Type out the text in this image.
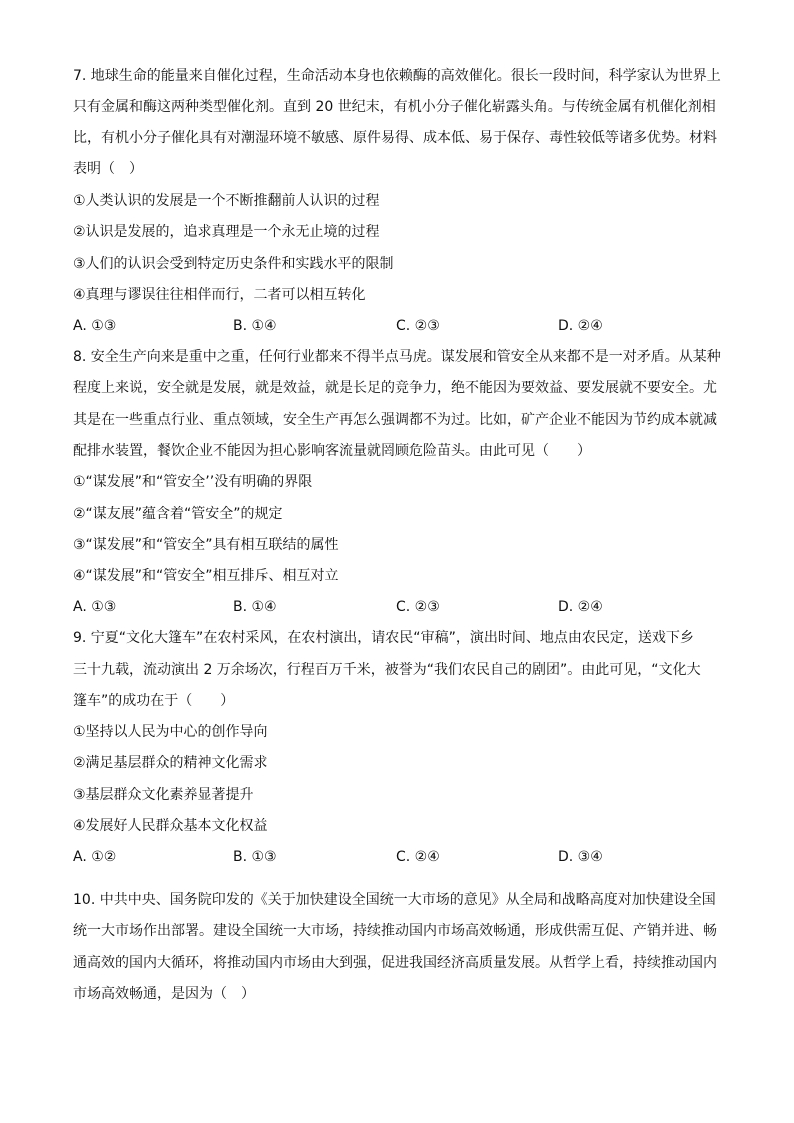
7. 地球生命的能量来自催化过程，生命活动本身也依赖酶的高效催化。很长一段时间，科学家认为世界上
只有金属和酶这两种类型催化剂。直到 20 世纪末，有机小分子催化崭露头角。与传统金属有机催化剂相
比，有机小分子催化具有对潮湿环境不敏感、原件易得、成本低、易于保存、毒性较低等诸多优势。材料
表明（　）
①人类认识的发展是一个不断推翻前人认识的过程
②认识是发展的，追求真理是一个永无止境的过程
③人们的认识会受到特定历史条件和实践水平的限制
④真理与谬误往往相伴而行，二者可以相互转化
A. ①③	B. ①④	C. ②③	D. ②④
8. 安全生产向来是重中之重，任何行业都来不得半点马虎。谋发展和管安全从来都不是一对矛盾。从某种
程度上来说，安全就是发展，就是效益，就是长足的竞争力，绝不能因为要效益、要发展就不要安全。尤
其是在一些重点行业、重点领域，安全生产再怎么强调都不为过。比如，矿产企业不能因为节约成本就减
配排水装置，餐饮企业不能因为担心影响客流量就罔顾危险苗头。由此可见（　　）
①“谋发展”和“管安全’’没有明确的界限
②“谋友展”蕴含着“管安全”的规定
③“谋发展”和“管安全”具有相互联结的属性
④“谋发展”和“管安全”相互排斥、相互对立
A. ①③	B. ①④	C. ②③	D. ②④
9. 宁夏“文化大篷车”在农村采风，在农村演出，请农民“审稿”，演出时间、地点由农民定，送戏下乡
三十九载，流动演出 2 万余场次，行程百万千米，被誉为“我们农民自己的剧团”。由此可见，“文化大
篷车”的成功在于（　　）
①坚持以人民为中心的创作导向
②满足基层群众的精神文化需求
③基层群众文化素养显著提升
④发展好人民群众基本文化权益
A. ①②	B. ①③	C. ②④	D. ③④
10. 中共中央、国务院印发的《关于加快建设全国统一大市场的意见》从全局和战略高度对加快建设全国
统一大市场作出部署。建设全国统一大市场，持续推动国内市场高效畅通，形成供需互促、产销并进、畅
通高效的国内大循环，将推动国内市场由大到强，促进我国经济高质量发展。从哲学上看，持续推动国内
市场高效畅通，是因为（　）
